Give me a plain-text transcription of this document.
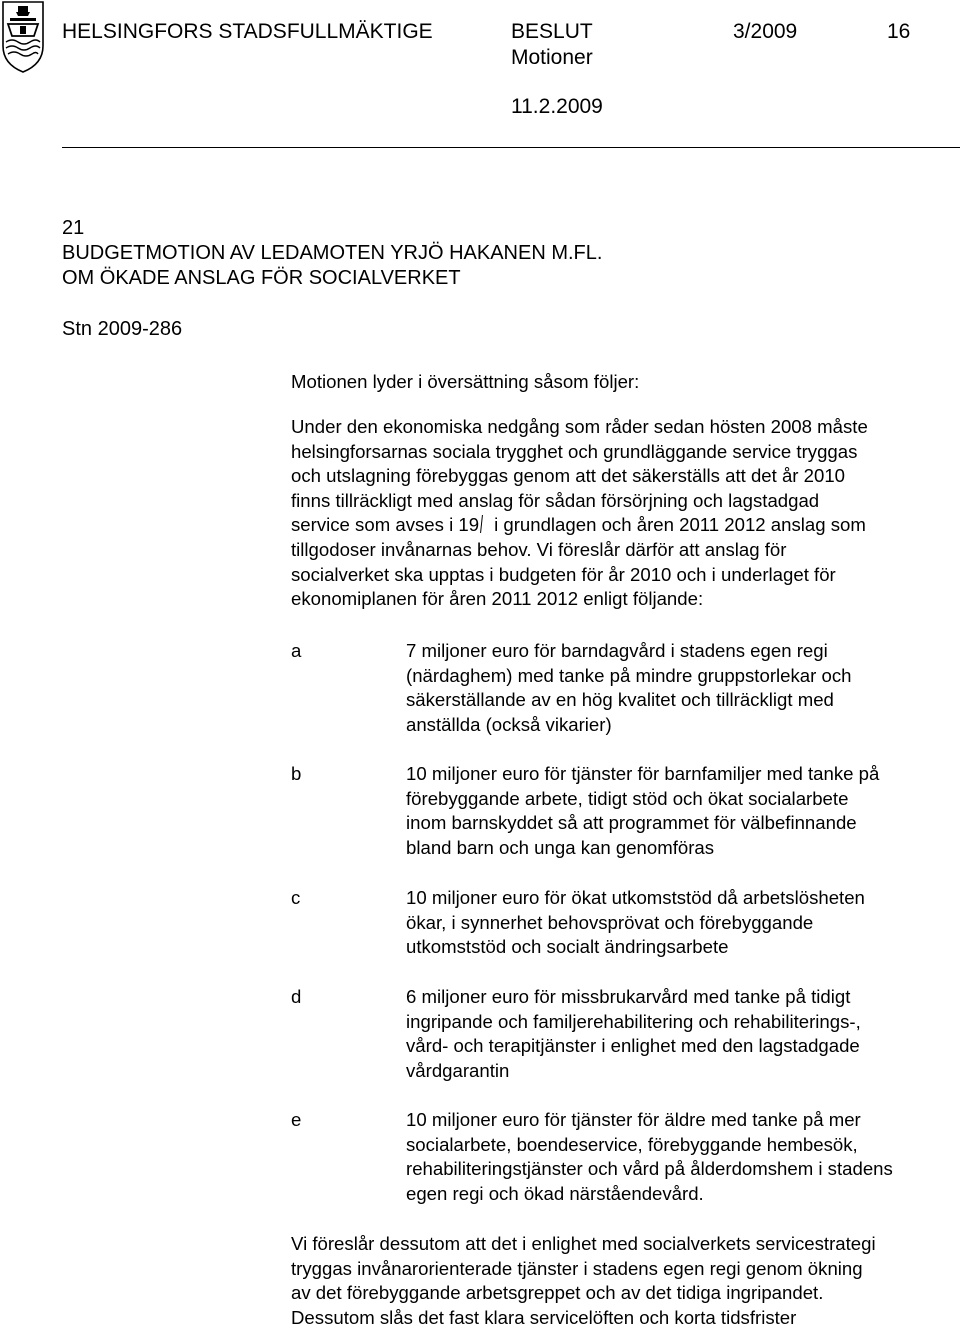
HELSINGFORS STADSFULLMÄKTIGE	BESLUT	3/2009	16
Motioner
11.2.2009
21
BUDGETMOTION AV LEDAMOTEN YRJÖ HAKANEN M.FL.
OM ÖKADE ANSLAG FÖR SOCIALVERKET
Stn 2009-286
Motionen lyder i översättning såsom följer:
Under den ekonomiska nedgång som råder sedan hösten 2008 måste
helsingforsarnas sociala trygghet och grundläggande service tryggas
och utslagning förebyggas genom att det säkerställs att det år 2010
finns tillräckligt med anslag för sådan försörjning och lagstadgad
service som avses i 19 i grundlagen och åren 2011 2012 anslag som
tillgodoser invånarnas behov. Vi föreslår därför att anslag för
socialverket ska upptas i budgeten för år 2010 och i underlaget för
ekonomiplanen för åren 2011 2012 enligt följande:
a	7 miljoner euro för barndagvård i stadens egen regi
(närdaghem) med tanke på mindre gruppstorlekar och
säkerställande av en hög kvalitet och tillräckligt med
anställda (också vikarier)
b	10 miljoner euro för tjänster för barnfamiljer med tanke på
förebyggande arbete, tidigt stöd och ökat socialarbete
inom barnskyddet så att programmet för välbefinnande
bland barn och unga kan genomföras
c	10 miljoner euro för ökat utkomststöd då arbetslösheten
ökar, i synnerhet behovsprövat och förebyggande
utkomststöd och socialt ändringsarbete
d	6 miljoner euro för missbrukarvård med tanke på tidigt
ingripande och familjerehabilitering och rehabiliterings-,
vård- och terapitjänster i enlighet med den lagstadgade
vårdgarantin
e	10 miljoner euro för tjänster för äldre med tanke på mer
socialarbete, boendeservice, förebyggande hembesök,
rehabiliteringstjänster och vård på ålderdomshem i stadens
egen regi och ökad närståendevård.
Vi föreslår dessutom att det i enlighet med socialverkets servicestrategi
tryggas invånarorienterade tjänster i stadens egen regi genom ökning
av det förebyggande arbetsgreppet och av det tidiga ingripandet.
Dessutom slås det fast klara servicelöften och korta tidsfrister
